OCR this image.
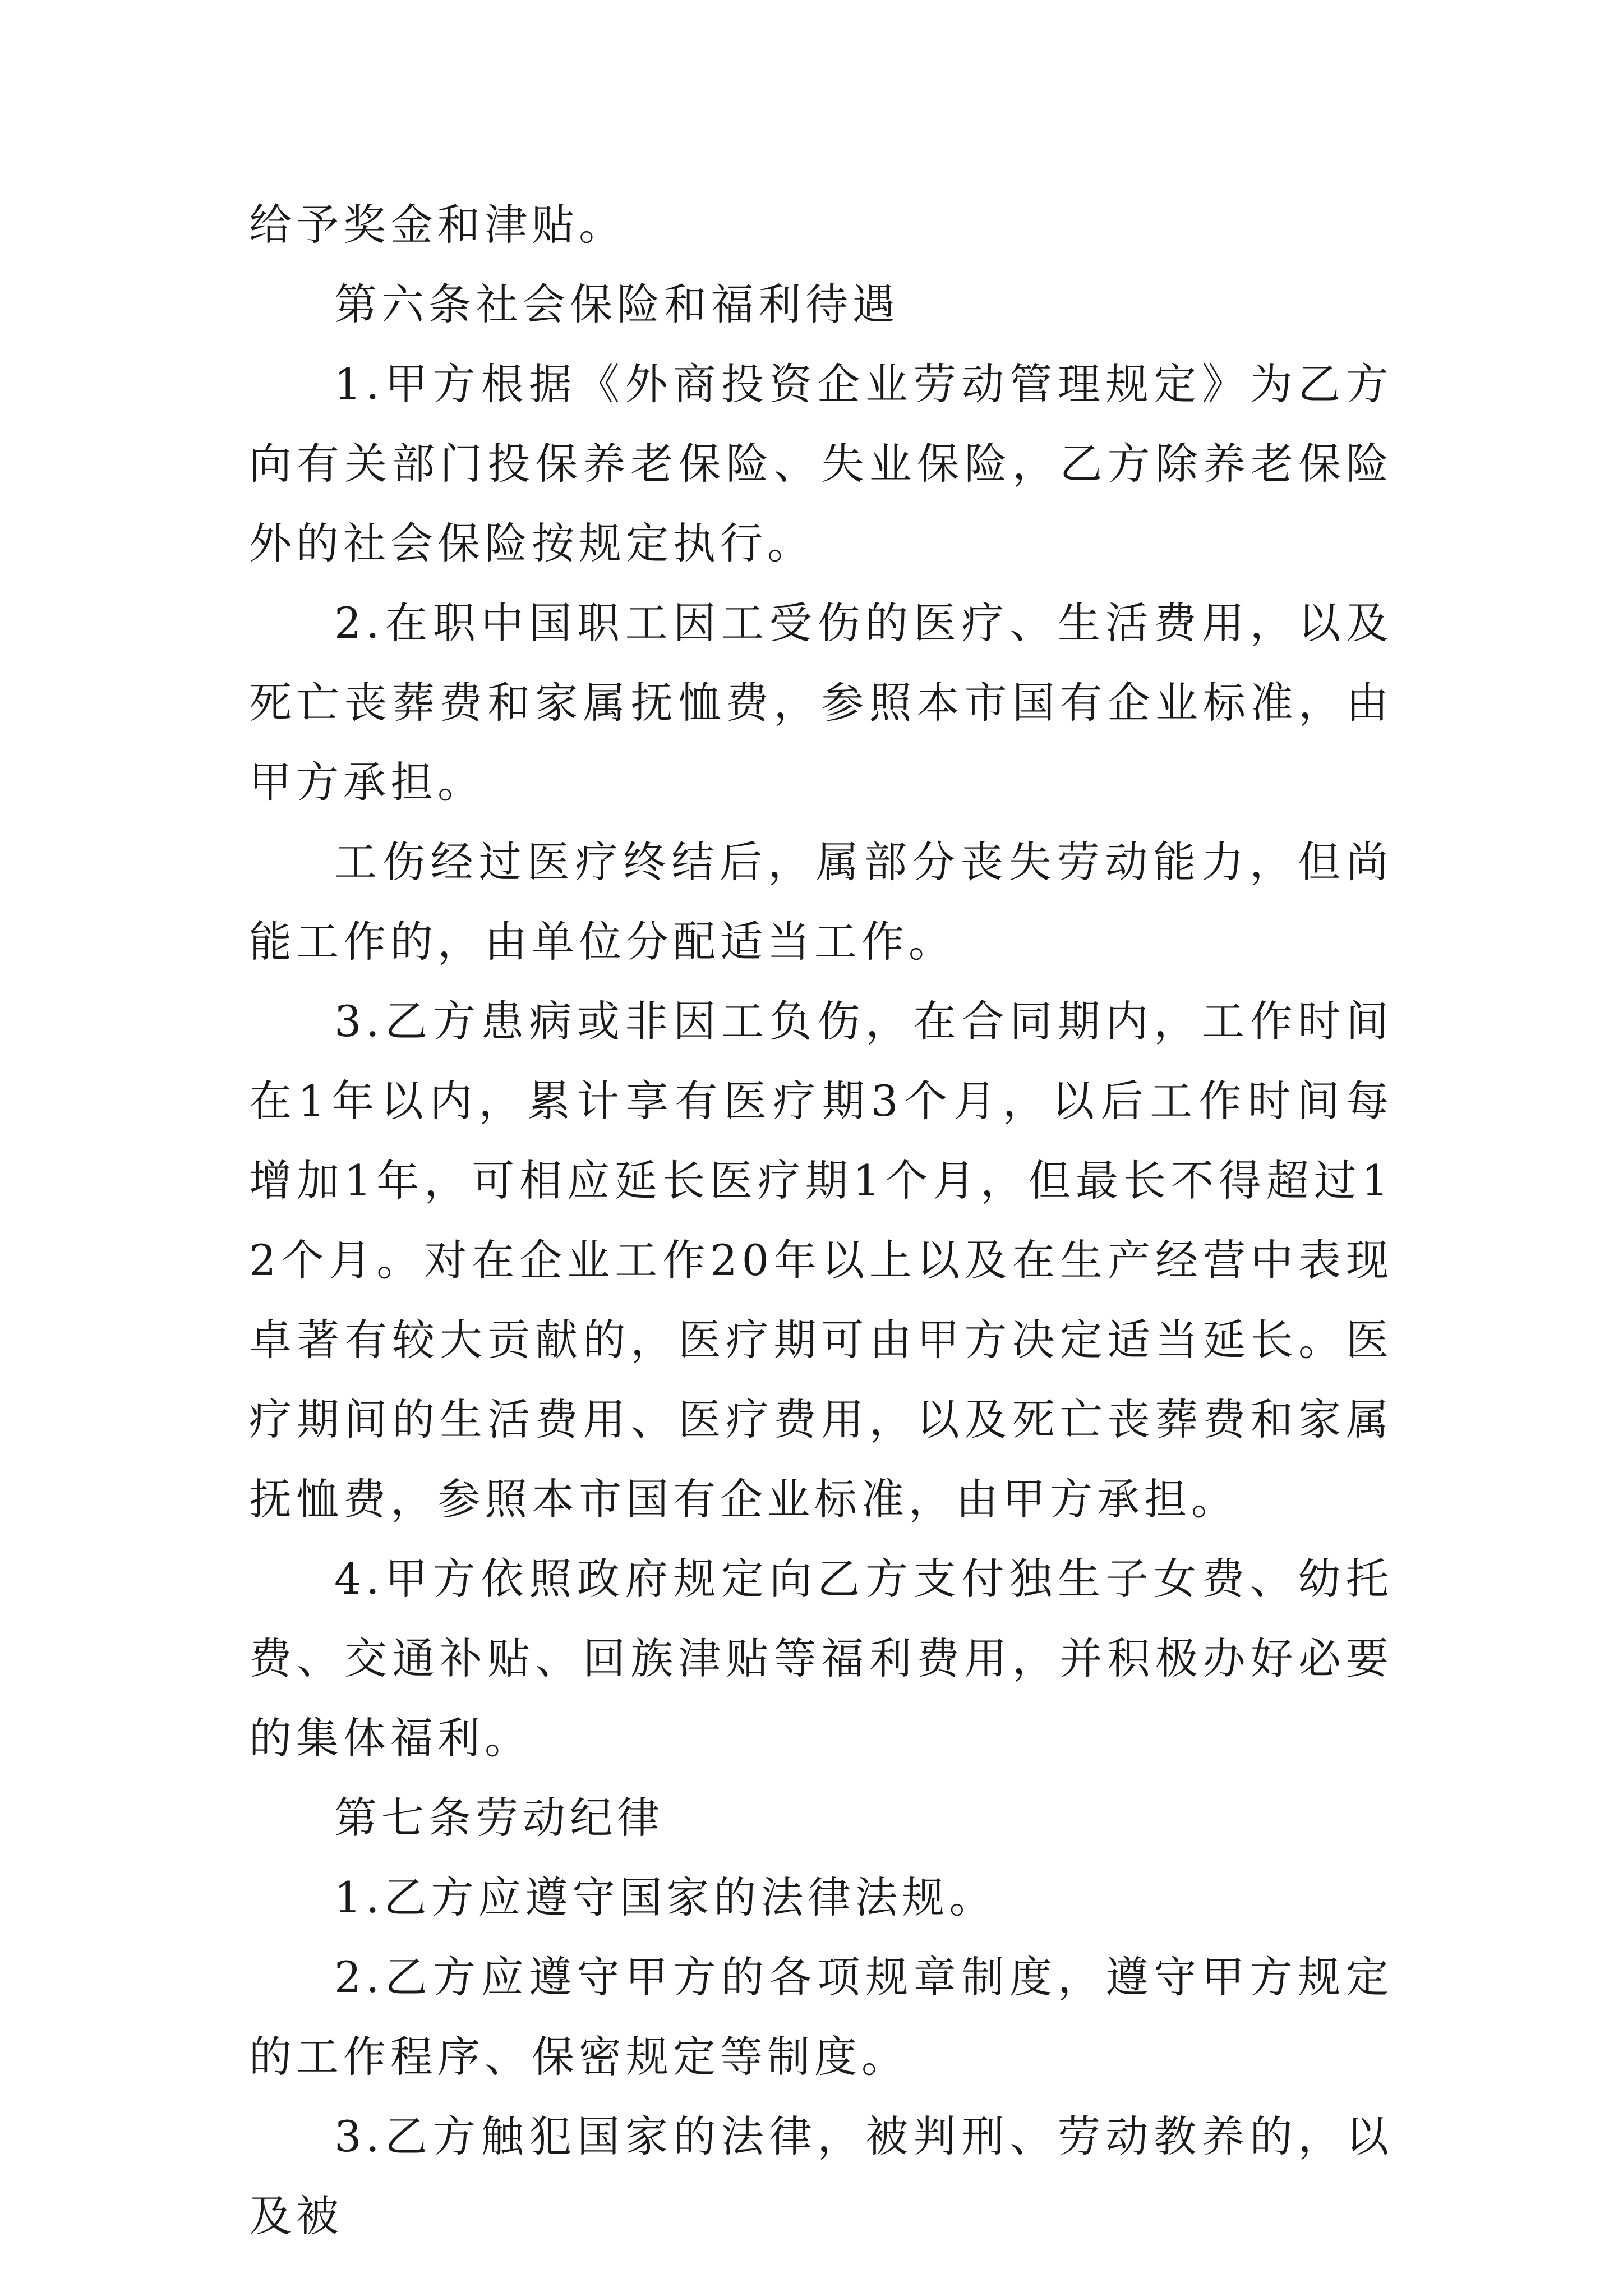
给予奖金和津贴。

第六条社会保险和福利待遇

1.甲方根据《外商投资企业劳动管理规定》为乙方向有关部门投保养老保险、失业保险，乙方除养老保险外的社会保险按规定执行。

2.在职中国职工因工受伤的医疗、生活费用，以及死亡丧葬费和家属抚恤费，参照本市国有企业标准，由甲方承担。

工伤经过医疗终结后，属部分丧失劳动能力，但尚能工作的，由单位分配适当工作。

3.乙方患病或非因工负伤，在合同期内，工作时间在1年以内，累计享有医疗期3个月，以后工作时间每增加1年，可相应延长医疗期1个月，但最长不得超过12个月。对在企业工作20年以上以及在生产经营中表现卓著有较大贡献的，医疗期可由甲方决定适当延长。医疗期间的生活费用、医疗费用，以及死亡丧葬费和家属抚恤费，参照本市国有企业标准，由甲方承担。

4.甲方依照政府规定向乙方支付独生子女费、幼托费、交通补贴、回族津贴等福利费用，并积极办好必要的集体福利。

第七条劳动纪律

1.乙方应遵守国家的法律法规。

2.乙方应遵守甲方的各项规章制度，遵守甲方规定的工作程序、保密规定等制度。

3.乙方触犯国家的法律，被判刑、劳动教养的，以及被
